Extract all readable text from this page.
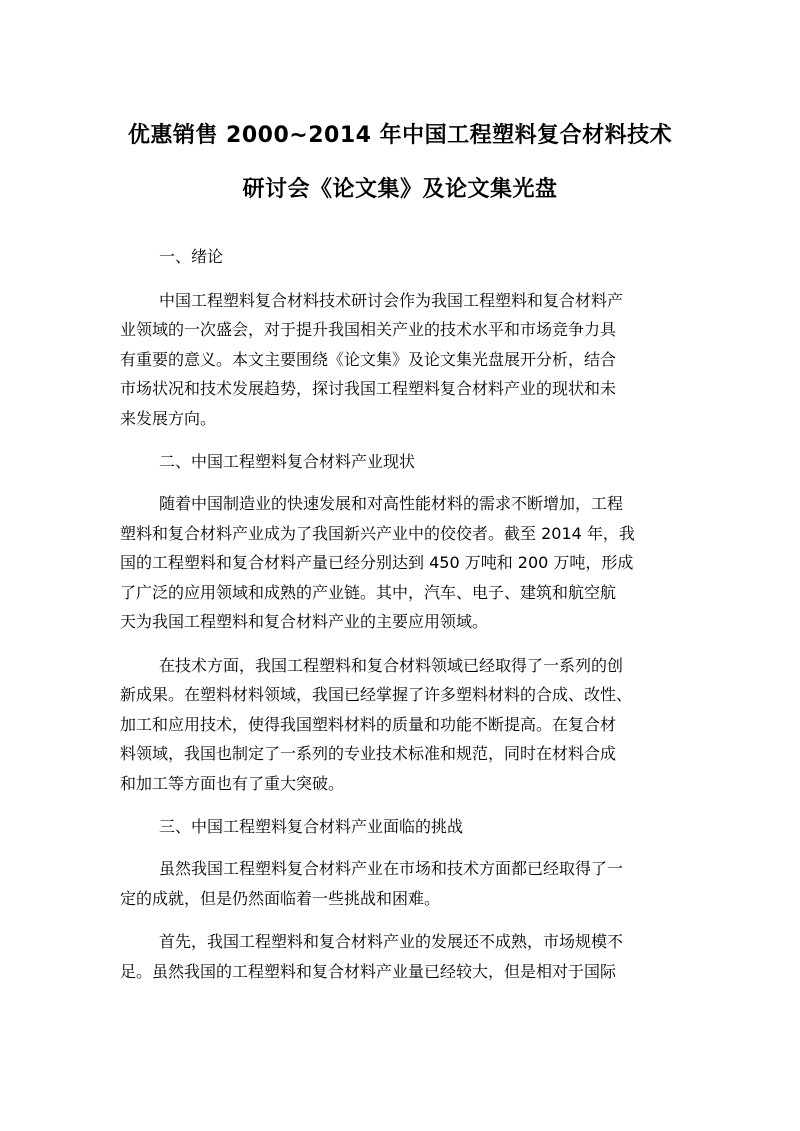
优惠销售 2000~2014 年中国工程塑料复合材料技术
研讨会《论文集》及论文集光盘
一、绪论
中国工程塑料复合材料技术研讨会作为我国工程塑料和复合材料产
业领域的一次盛会，对于提升我国相关产业的技术水平和市场竞争力具
有重要的意义。本文主要围绕《论文集》及论文集光盘展开分析，结合
市场状况和技术发展趋势，探讨我国工程塑料复合材料产业的现状和未
来发展方向。
二、中国工程塑料复合材料产业现状
随着中国制造业的快速发展和对高性能材料的需求不断增加，工程
塑料和复合材料产业成为了我国新兴产业中的佼佼者。截至 2014 年，我
国的工程塑料和复合材料产量已经分别达到 450 万吨和 200 万吨，形成
了广泛的应用领域和成熟的产业链。其中，汽车、电子、建筑和航空航
天为我国工程塑料和复合材料产业的主要应用领域。
在技术方面，我国工程塑料和复合材料领域已经取得了一系列的创
新成果。在塑料材料领域，我国已经掌握了许多塑料材料的合成、改性、
加工和应用技术，使得我国塑料材料的质量和功能不断提高。在复合材
料领域，我国也制定了一系列的专业技术标准和规范，同时在材料合成
和加工等方面也有了重大突破。
三、中国工程塑料复合材料产业面临的挑战
虽然我国工程塑料复合材料产业在市场和技术方面都已经取得了一
定的成就，但是仍然面临着一些挑战和困难。
首先，我国工程塑料和复合材料产业的发展还不成熟，市场规模不
足。虽然我国的工程塑料和复合材料产业量已经较大，但是相对于国际
